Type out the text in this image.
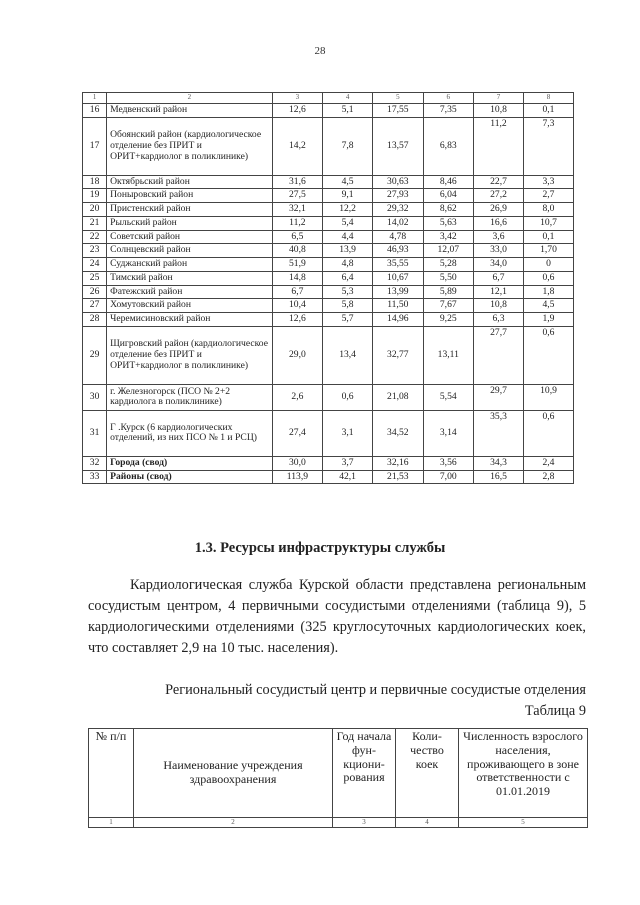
28
1	2	3	4	5	6	7	8
16	Медвенский район	12,6	5,1	17,55	7,35	10,8	0,1
17	Обоянский район (кардиологическое отделение без ПРИТ и ОРИТ+кардиолог в поликлинике)	14,2	7,8	13,57	6,83	11,2	7,3
18	Октябрьский район	31,6	4,5	30,63	8,46	22,7	3,3
19	Поныровский район	27,5	9,1	27,93	6,04	27,2	2,7
20	Пристенский район	32,1	12,2	29,32	8,62	26,9	8,0
21	Рыльский район	11,2	5,4	14,02	5,63	16,6	10,7
22	Советский район	6,5	4,4	4,78	3,42	3,6	0,1
23	Солнцевский район	40,8	13,9	46,93	12,07	33,0	1,70
24	Суджанский район	51,9	4,8	35,55	5,28	34,0	0
25	Тимский район	14,8	6,4	10,67	5,50	6,7	0,6
26	Фатежский район	6,7	5,3	13,99	5,89	12,1	1,8
27	Хомутовский район	10,4	5,8	11,50	7,67	10,8	4,5
28	Черемисиновский район	12,6	5,7	14,96	9,25	6,3	1,9
29	Щигровский район (кардиологическое отделение без ПРИТ и ОРИТ+кардиолог в поликлинике)	29,0	13,4	32,77	13,11	27,7	0,6
30	г. Железногорск (ПСО № 2+2 кардиолога в поликлинике)	2,6	0,6	21,08	5,54	29,7	10,9
31	Г .Курск (6 кардиологических отделений, из них ПСО № 1 и РСЦ)	27,4	3,1	34,52	3,14	35,3	0,6
32	Города (свод)	30,0	3,7	32,16	3,56	34,3	2,4
33	Районы (свод)	113,9	42,1	21,53	7,00	16,5	2,8
1.3. Ресурсы инфраструктуры службы

Кардиологическая служба Курской области представлена региональным сосудистым центром, 4 первичными сосудистыми отделениями (таблица 9), 5 кардиологическими отделениями (325 круглосуточных кардиологических коек, что составляет 2,9 на 10 тыс. населения).

Региональный сосудистый центр и первичные сосудистые отделения
Таблица 9
№ п/п	Наименование учреждения здравоохранения	Год начала фун-кциони-рования	Коли-чество коек	Численность взрослого населения, проживающего в зоне ответственности с 01.01.2019
1	2	3	4	5
